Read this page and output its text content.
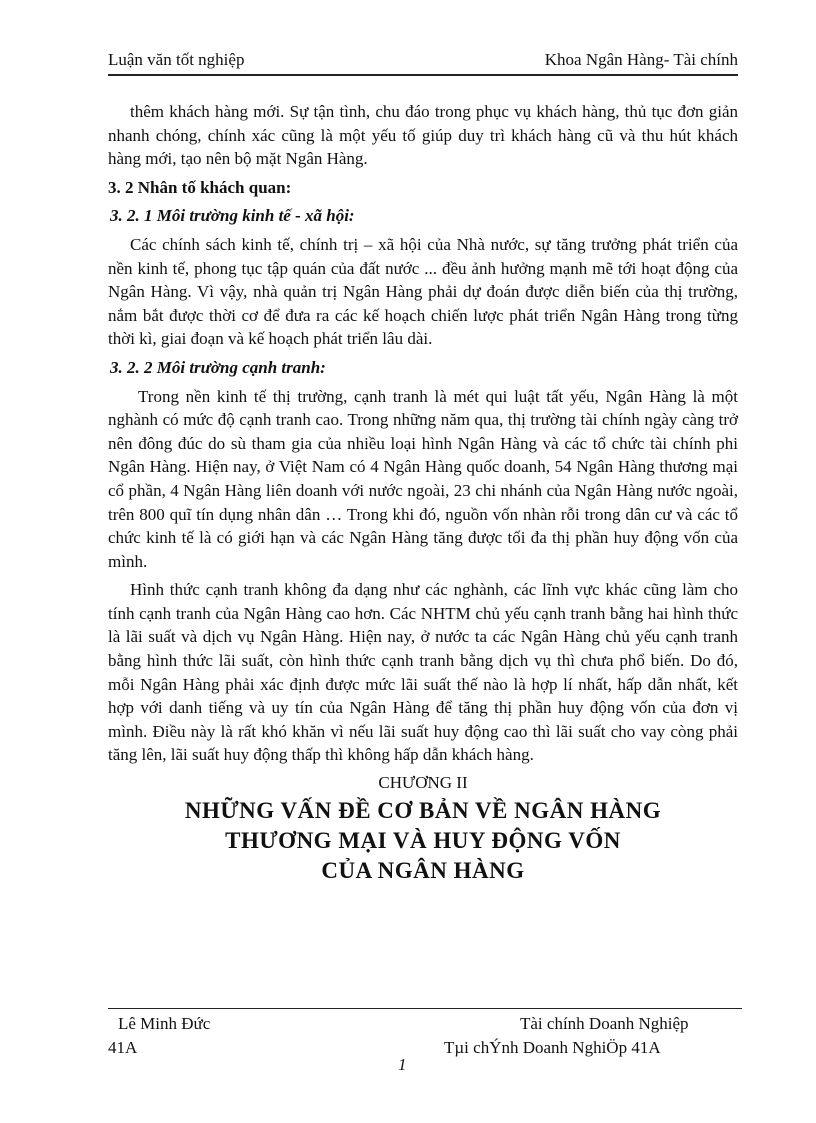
Luận văn tốt nghiệp	Khoa Ngân Hàng- Tài chính

thêm khách hàng mới. Sự tận tình, chu đáo trong phục vụ khách hàng, thủ tục đơn giản nhanh chóng, chính xác cũng là một yếu tố giúp duy trì khách hàng cũ và thu hút khách hàng mới, tạo nên bộ mặt Ngân Hàng.

3. 2 Nhân tố khách quan:

3. 2. 1 Môi trường kinh tế - xã hội:

Các chính sách kinh tế, chính trị – xã hội của Nhà nước, sự tăng trưởng phát triển của nền kinh tế, phong tục tập quán của đất nước ... đều ảnh hưởng mạnh mẽ tới hoạt động của Ngân Hàng. Vì vậy, nhà quản trị Ngân Hàng phải dự đoán được diễn biến của thị trường, nắm bắt được thời cơ để đưa ra các kế hoạch chiến lược phát triển Ngân Hàng trong từng thời kì, giai đoạn và kế hoạch phát triển lâu dài.

3. 2. 2 Môi trường cạnh tranh:

Trong nền kinh tế thị trường, cạnh tranh là mét qui luật tất yếu, Ngân Hàng là một nghành có mức độ cạnh tranh cao. Trong những năm qua, thị trường tài chính ngày càng trở nên đông đúc do sù tham gia của nhiều loại hình Ngân Hàng và các tổ chức tài chính phi Ngân Hàng. Hiện nay, ở Việt Nam có 4 Ngân Hàng quốc doanh, 54 Ngân Hàng thương mại cổ phần, 4 Ngân Hàng liên doanh với nước ngoài, 23 chi nhánh của Ngân Hàng nước ngoài, trên 800 quĩ tín dụng nhân dân … Trong khi đó, nguồn vốn nhàn rỗi trong dân cư và các tổ chức kinh tế là có giới hạn và các Ngân Hàng tăng được tối đa thị phần huy động vốn của mình.

Hình thức cạnh tranh không đa dạng như các nghành, các lĩnh vực khác cũng làm cho tính cạnh tranh của Ngân Hàng cao hơn. Các NHTM chủ yếu cạnh tranh bằng hai hình thức là lãi suất và dịch vụ Ngân Hàng. Hiện nay, ở nước ta các Ngân Hàng chủ yếu cạnh tranh bằng hình thức lãi suất, còn hình thức cạnh tranh bằng dịch vụ thì chưa phổ biến. Do đó, mỗi Ngân Hàng phải xác định được mức lãi suất thế nào là hợp lí nhất, hấp dẫn nhất, kết hợp với danh tiếng và uy tín của Ngân Hàng để tăng thị phần huy động vốn của đơn vị mình. Điều này là rất khó khăn vì nếu lãi suất huy động cao thì lãi suất cho vay còng phải tăng lên, lãi suất huy động thấp thì không hấp dẫn khách hàng.

CHƯƠNG II

NHỮNG VẤN ĐỀ CƠ BẢN VỀ NGÂN HÀNG

THƯƠNG MẠI VÀ HUY ĐỘNG VỐN

CỦA NGÂN HÀNG

Lê Minh Đức
41A
Tài chính Doanh Nghiệp
Tµi chÝnh Doanh NghiÖp 41A
1
